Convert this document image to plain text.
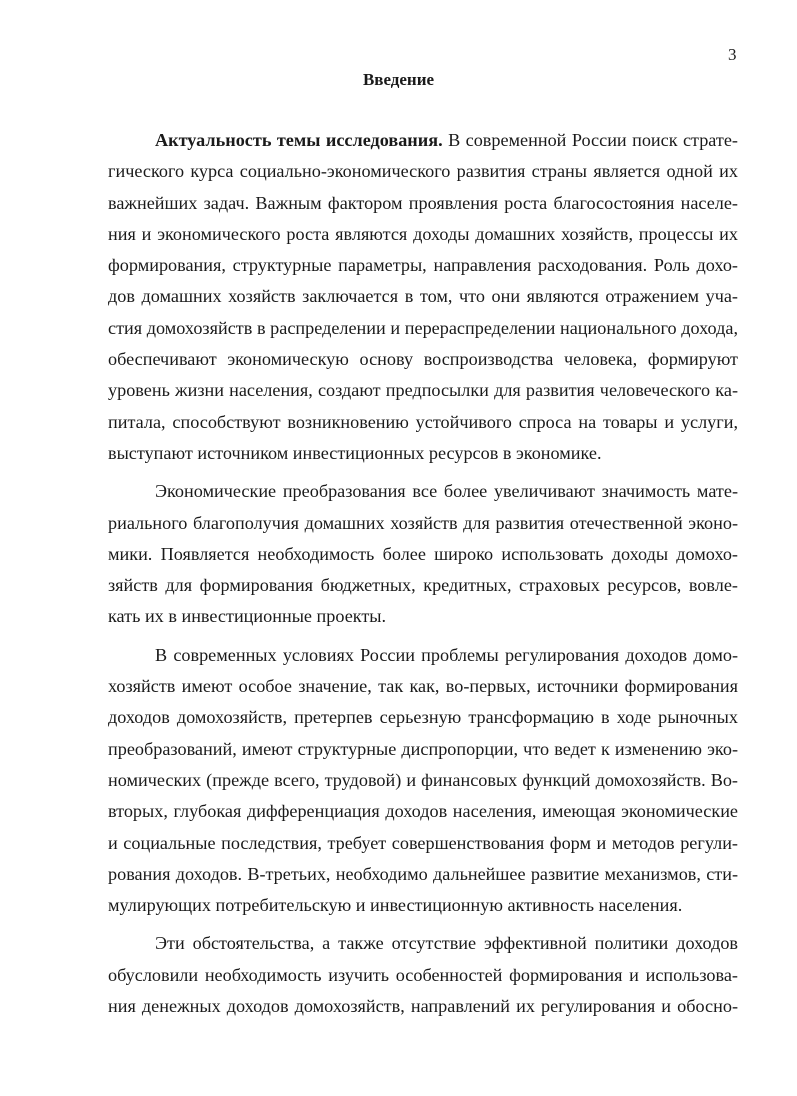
3
Введение
Актуальность темы исследования. В современной России поиск страте-
гического курса социально-экономического развития страны является одной их
важнейших задач. Важным фактором проявления роста благосостояния населе-
ния и экономического роста являются доходы домашних хозяйств, процессы их
формирования, структурные параметры, направления расходования. Роль дохо-
дов домашних хозяйств заключается в том, что они являются отражением уча-
стия домохозяйств в распределении и перераспределении национального дохода,
обеспечивают экономическую основу воспроизводства человека, формируют
уровень жизни населения, создают предпосылки для развития человеческого ка-
питала, способствуют возникновению устойчивого спроса на товары и услуги,
выступают источником инвестиционных ресурсов в экономике.
Экономические преобразования все более увеличивают значимость мате-
риального благополучия домашних хозяйств для развития отечественной эконо-
мики. Появляется необходимость более широко использовать доходы домохо-
зяйств для формирования бюджетных, кредитных, страховых ресурсов, вовле-
кать их в инвестиционные проекты.
В современных условиях России проблемы регулирования доходов домо-
хозяйств имеют особое значение, так как, во-первых, источники формирования
доходов домохозяйств, претерпев серьезную трансформацию в ходе рыночных
преобразований, имеют структурные диспропорции, что ведет к изменению эко-
номических (прежде всего, трудовой) и финансовых функций домохозяйств. Во-
вторых, глубокая дифференциация доходов населения, имеющая экономические
и социальные последствия, требует совершенствования форм и методов регули-
рования доходов. В-третьих, необходимо дальнейшее развитие механизмов, сти-
мулирующих потребительскую и инвестиционную активность населения.
Эти обстоятельства, а также отсутствие эффективной политики доходов
обусловили необходимость изучить особенностей формирования и использова-
ния денежных доходов домохозяйств, направлений их регулирования и обосно-
